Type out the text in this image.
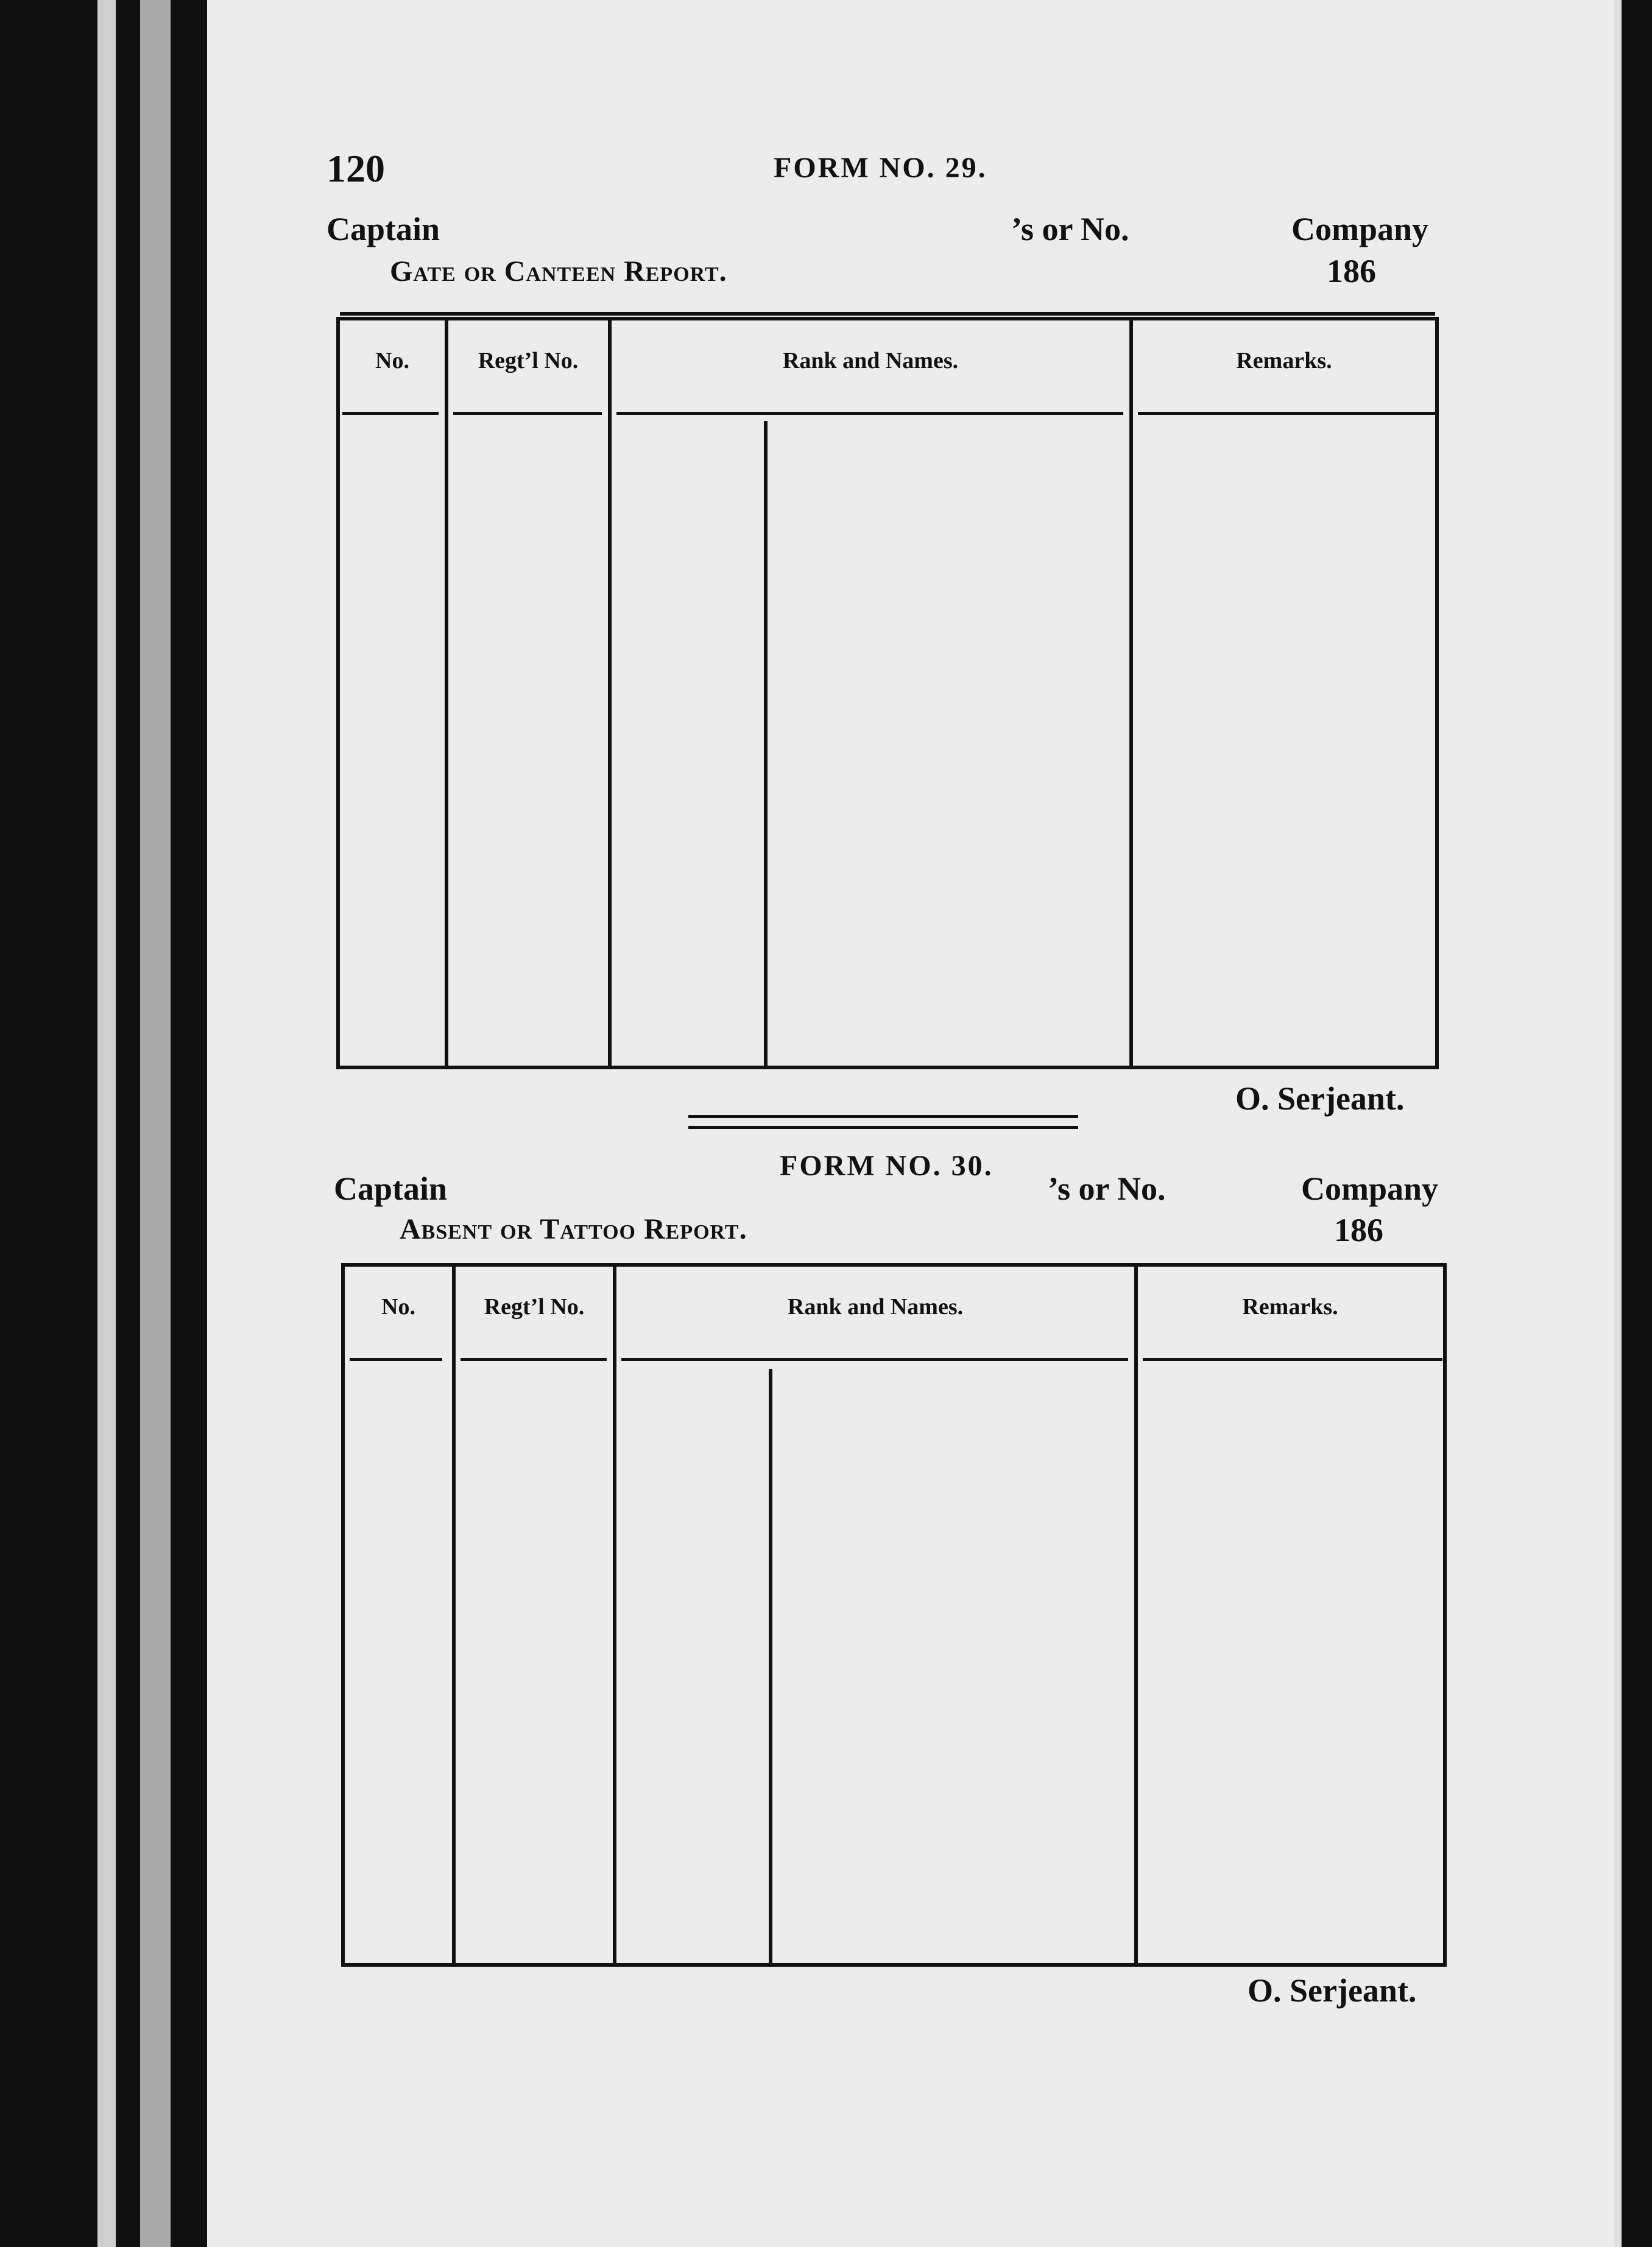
120	FORM NO. 29.
Captain	’s or No.	Company
Gate or Canteen Report.	186
No.	Regt’l No.	Rank and Names.	Remarks.
O. Serjeant.
FORM NO. 30.
Captain	’s or No.	Company
Absent or Tattoo Report.	186
No.	Regt’l No.	Rank and Names.	Remarks.
O. Serjeant.
